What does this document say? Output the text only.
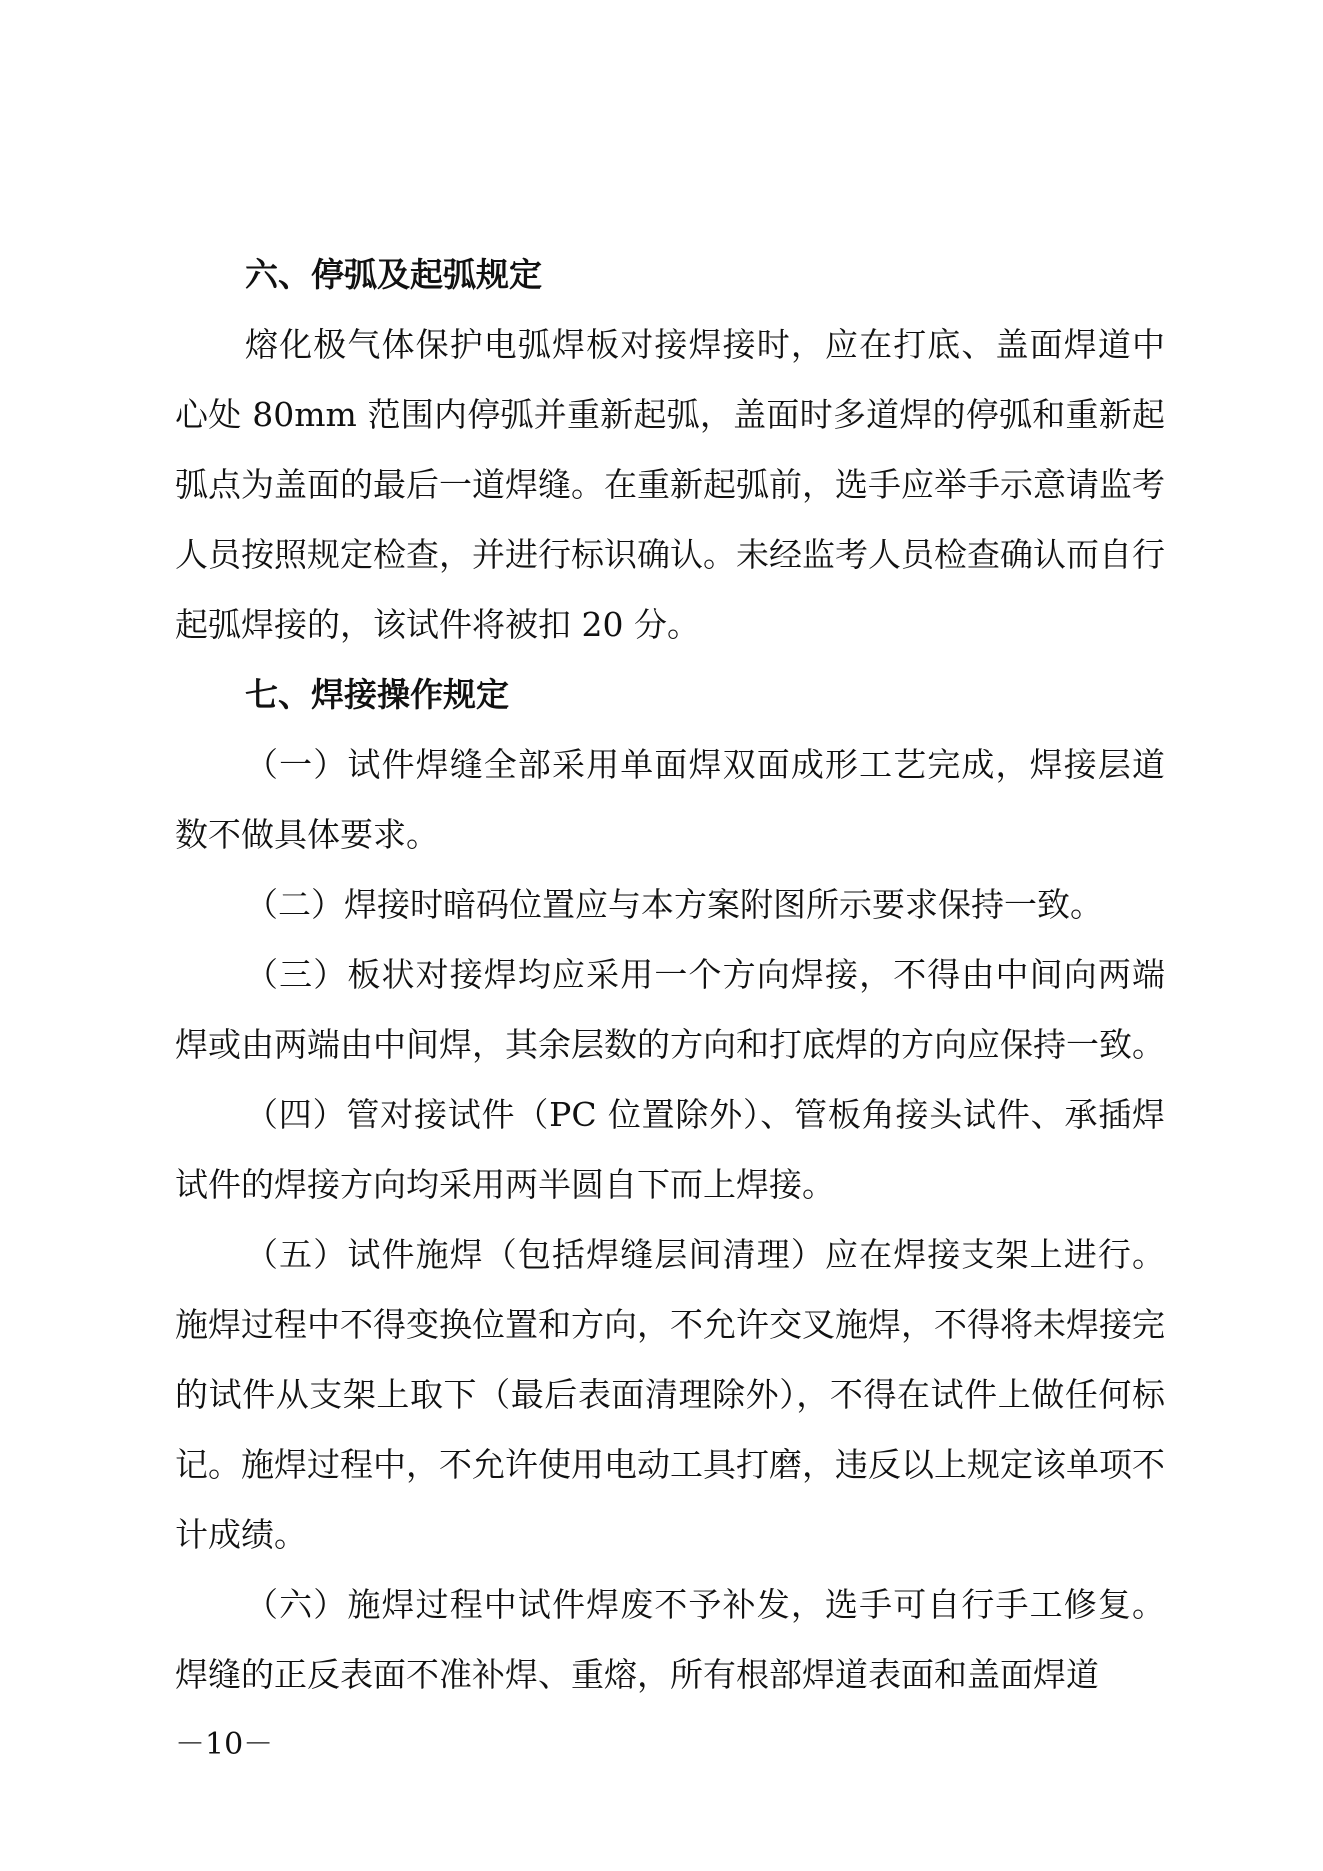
六、停弧及起弧规定

熔化极气体保护电弧焊板对接焊接时，应在打底、盖面焊道中心处 80mm 范围内停弧并重新起弧，盖面时多道焊的停弧和重新起弧点为盖面的最后一道焊缝。在重新起弧前，选手应举手示意请监考人员按照规定检查，并进行标识确认。未经监考人员检查确认而自行起弧焊接的，该试件将被扣 20 分。

七、焊接操作规定

（一）试件焊缝全部采用单面焊双面成形工艺完成，焊接层道数不做具体要求。

（二）焊接时暗码位置应与本方案附图所示要求保持一致。

（三）板状对接焊均应采用一个方向焊接，不得由中间向两端焊或由两端由中间焊，其余层数的方向和打底焊的方向应保持一致。

（四）管对接试件（PC 位置除外）、管板角接头试件、承插焊试件的焊接方向均采用两半圆自下而上焊接。

（五）试件施焊（包括焊缝层间清理）应在焊接支架上进行。施焊过程中不得变换位置和方向，不允许交叉施焊，不得将未焊接完的试件从支架上取下（最后表面清理除外），不得在试件上做任何标记。施焊过程中，不允许使用电动工具打磨，违反以上规定该单项不计成绩。

（六）施焊过程中试件焊废不予补发，选手可自行手工修复。焊缝的正反表面不准补焊、重熔，所有根部焊道表面和盖面焊道

－10－
